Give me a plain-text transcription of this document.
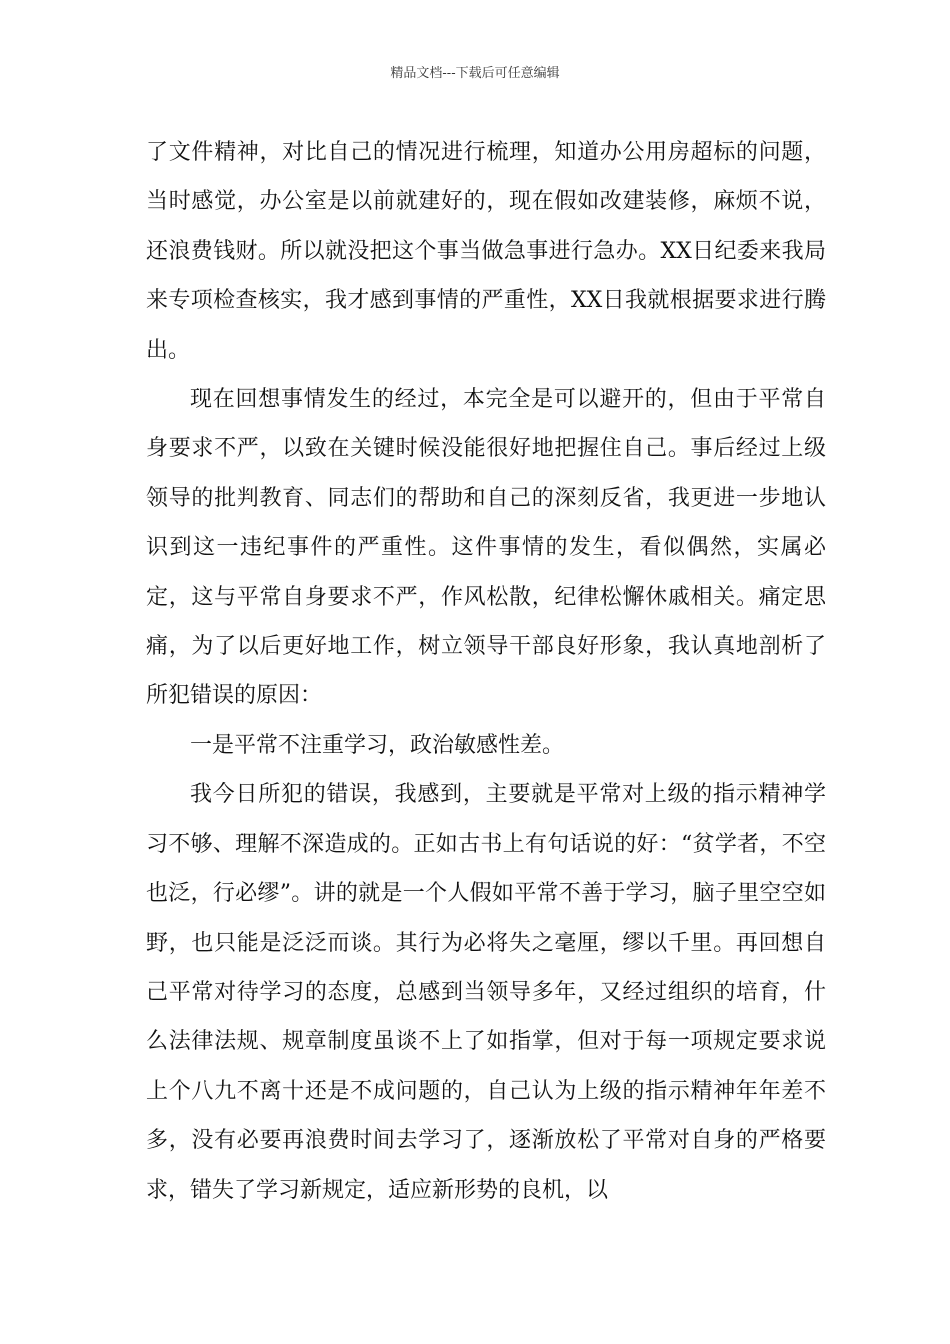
精品文档---下载后可任意编辑

了文件精神，对比自己的情况进行梳理，知道办公用房超标的问题，当时感觉，办公室是以前就建好的，现在假如改建装修，麻烦不说，还浪费钱财。所以就没把这个事当做急事进行急办。XX日纪委来我局来专项检查核实，我才感到事情的严重性，XX日我就根据要求进行腾出。

现在回想事情发生的经过，本完全是可以避开的，但由于平常自身要求不严，以致在关键时候没能很好地把握住自己。事后经过上级领导的批判教育、同志们的帮助和自己的深刻反省，我更进一步地认识到这一违纪事件的严重性。这件事情的发生，看似偶然，实属必定，这与平常自身要求不严，作风松散，纪律松懈休戚相关。痛定思痛，为了以后更好地工作，树立领导干部良好形象，我认真地剖析了所犯错误的原因：

一是平常不注重学习，政治敏感性差。

我今日所犯的错误，我感到，主要就是平常对上级的指示精神学习不够、理解不深造成的。正如古书上有句话说的好：“贫学者，不空也泛，行必缪”。讲的就是一个人假如平常不善于学习，脑子里空空如野，也只能是泛泛而谈。其行为必将失之毫厘，缪以千里。再回想自己平常对待学习的态度，总感到当领导多年，又经过组织的培育，什么法律法规、规章制度虽谈不上了如指掌，但对于每一项规定要求说上个八九不离十还是不成问题的，自己认为上级的指示精神年年差不多，没有必要再浪费时间去学习了，逐渐放松了平常对自身的严格要求，错失了学习新规定，适应新形势的良机，以
